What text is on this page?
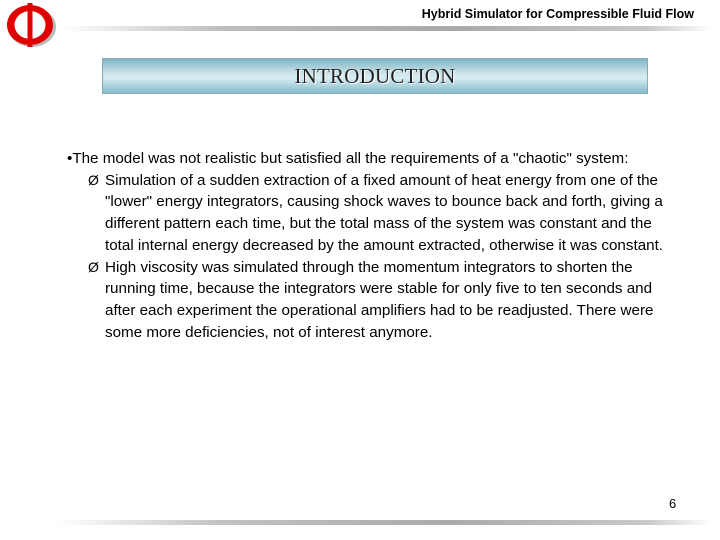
Hybrid Simulator for Compressible Fluid Flow
INTRODUCTION

•The model was not realistic but satisfied all the requirements of a "chaotic" system:

Ø Simulation of a sudden extraction of a fixed amount of heat energy from one of the "lower" energy integrators, causing shock waves to bounce back and forth, giving a different pattern each time, but the total mass of the system was constant and the total internal energy decreased by the amount extracted, otherwise it was constant.

Ø High viscosity was simulated through the momentum integrators to shorten the running time, because the integrators were stable for only five to ten seconds and after each experiment the operational amplifiers had to be readjusted. There were some more deficiencies, not of interest anymore.

6
